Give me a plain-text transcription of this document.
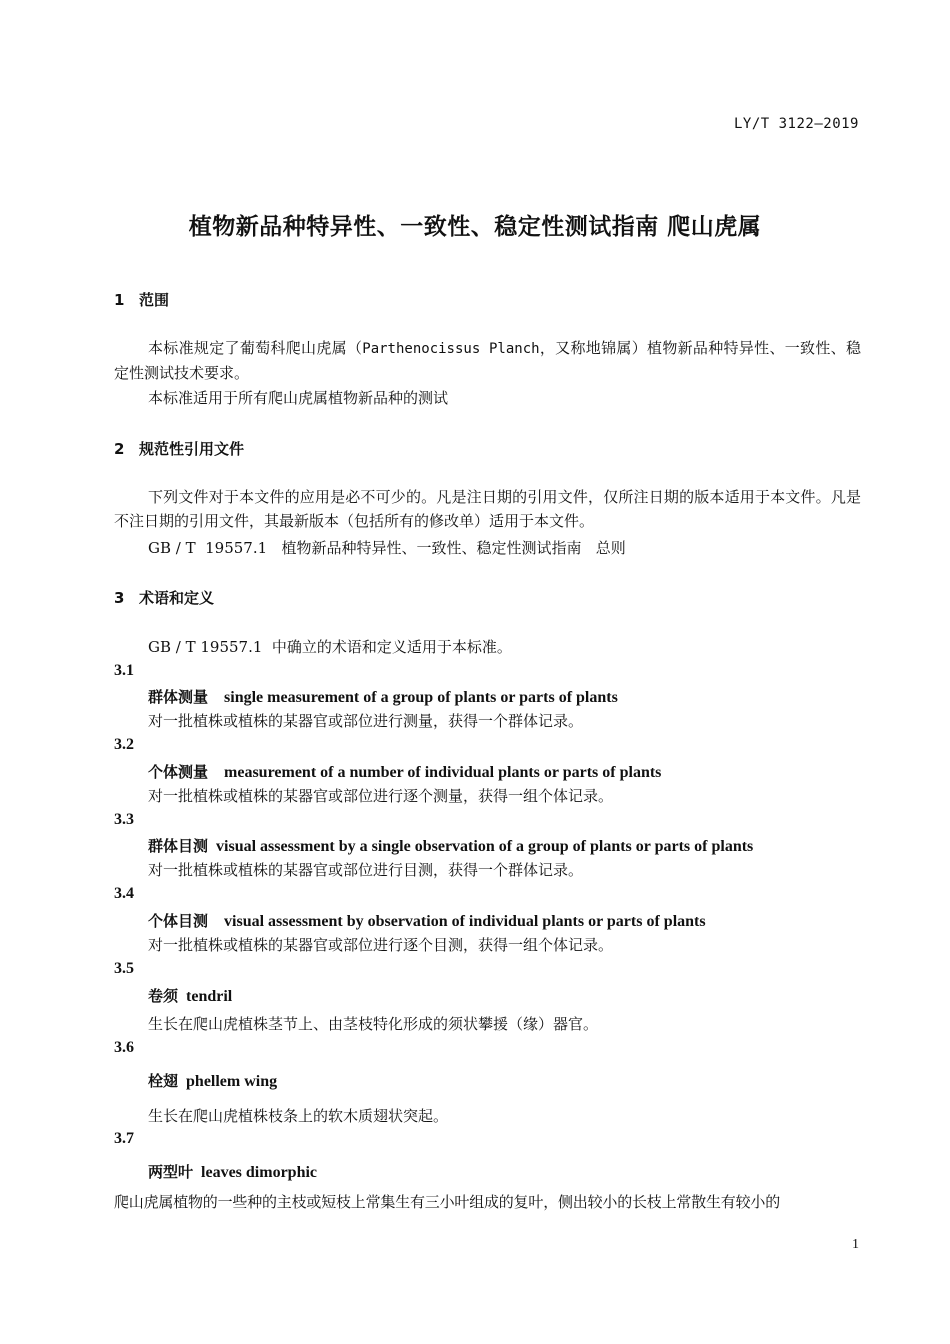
LY/T 3122—2019
植物新品种特异性、一致性、稳定性测试指南 爬山虎属
1 范围

本标准规定了葡萄科爬山虎属（Parthenocissus Planch，又称地锦属）植物新品种特异性、一致性、稳定性测试技术要求。

本标准适用于所有爬山虎属植物新品种的测试

2 规范性引用文件

下列文件对于本文件的应用是必不可少的。凡是注日期的引用文件，仅所注日期的版本适用于本文件。凡是不注日期的引用文件，其最新版本（包括所有的修改单）适用于本文件。

GB / T  19557.1   植物新品种特异性、一致性、稳定性测试指南   总则

3 术语和定义

GB / T 19557.1  中确立的术语和定义适用于本标准。

3.1
群体测量 single measurement of a group of plants or parts of plants

对一批植株或植株的某器官或部位进行测量，获得一个群体记录。

3.2
个体测量 measurement of a number of individual plants or parts of plants

对一批植株或植株的某器官或部位进行逐个测量，获得一组个体记录。

3.3
群体目测 visual assessment by a single observation of a group of plants or parts of plants

对一批植株或植株的某器官或部位进行目测，获得一个群体记录。

3.4
个体目测 visual assessment by observation of individual plants or parts of plants

对一批植株或植株的某器官或部位进行逐个目测，获得一组个体记录。

3.5
卷须 tendril

生长在爬山虎植株茎节上、由茎枝特化形成的须状攀援（缘）器官。

3.6
栓翅 phellem wing

生长在爬山虎植株枝条上的软木质翅状突起。

3.7
两型叶 leaves dimorphic

爬山虎属植物的一些种的主枝或短枝上常集生有三小叶组成的复叶，侧出较小的长枝上常散生有较小的

1
